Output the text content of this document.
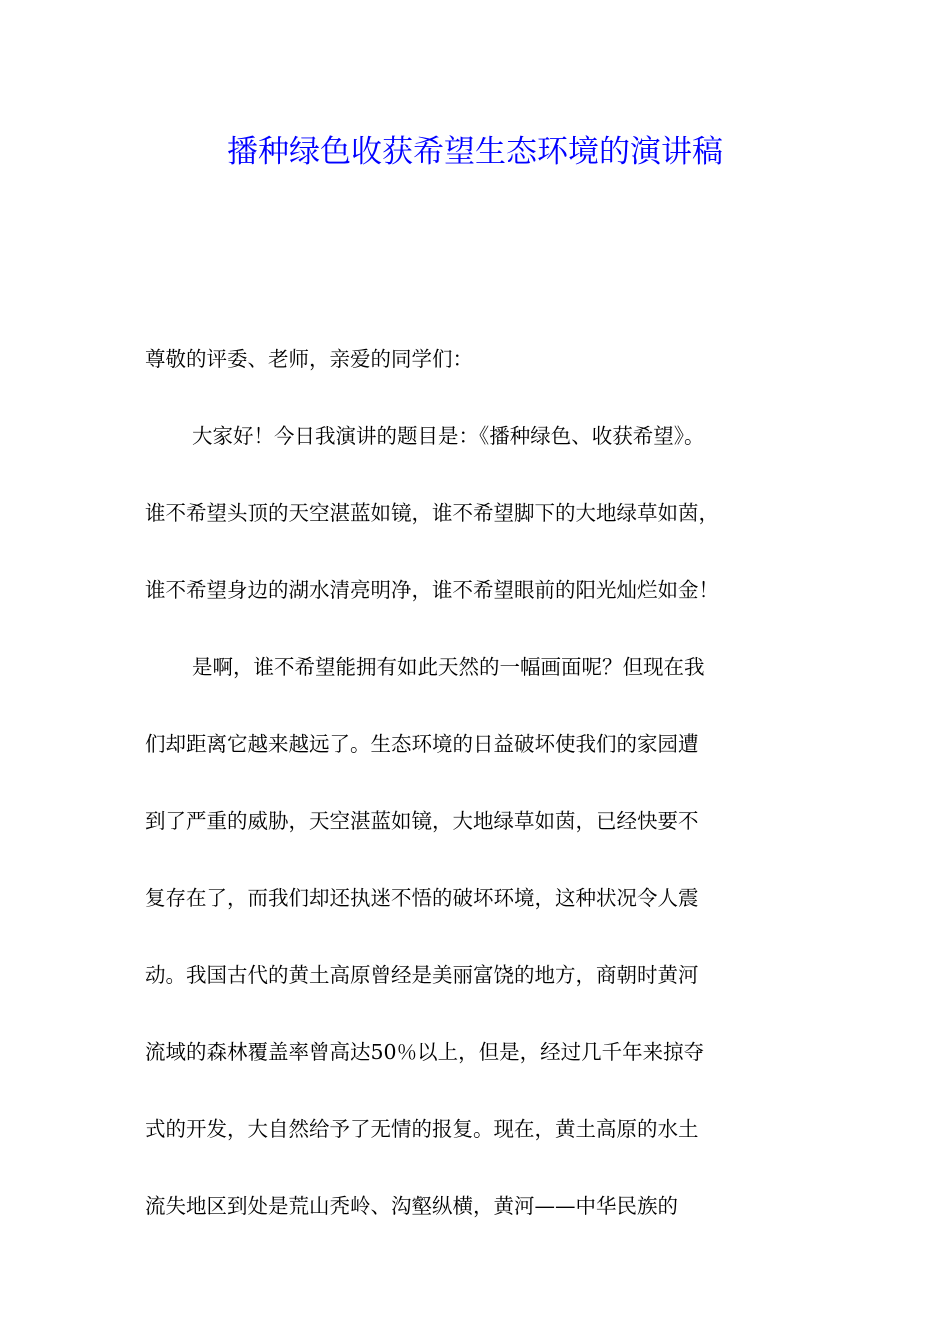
播种绿色收获希望生态环境的演讲稿
尊敬的评委、老师，亲爱的同学们：
大家好！今日我演讲的题目是：《播种绿色、收获希望》。
谁不希望头顶的天空湛蓝如镜，谁不希望脚下的大地绿草如茵，
谁不希望身边的湖水清亮明净，谁不希望眼前的阳光灿烂如金！
是啊，谁不希望能拥有如此天然的一幅画面呢？但现在我
们却距离它越来越远了。生态环境的日益破坏使我们的家园遭
到了严重的威胁，天空湛蓝如镜，大地绿草如茵，已经快要不
复存在了，而我们却还执迷不悟的破坏环境，这种状况令人震
动。我国古代的黄土高原曾经是美丽富饶的地方，商朝时黄河
流域的森林覆盖率曾高达50％以上，但是，经过几千年来掠夺
式的开发，大自然给予了无情的报复。现在，黄土高原的水土
流失地区到处是荒山秃岭、沟壑纵横，黄河——中华民族的
